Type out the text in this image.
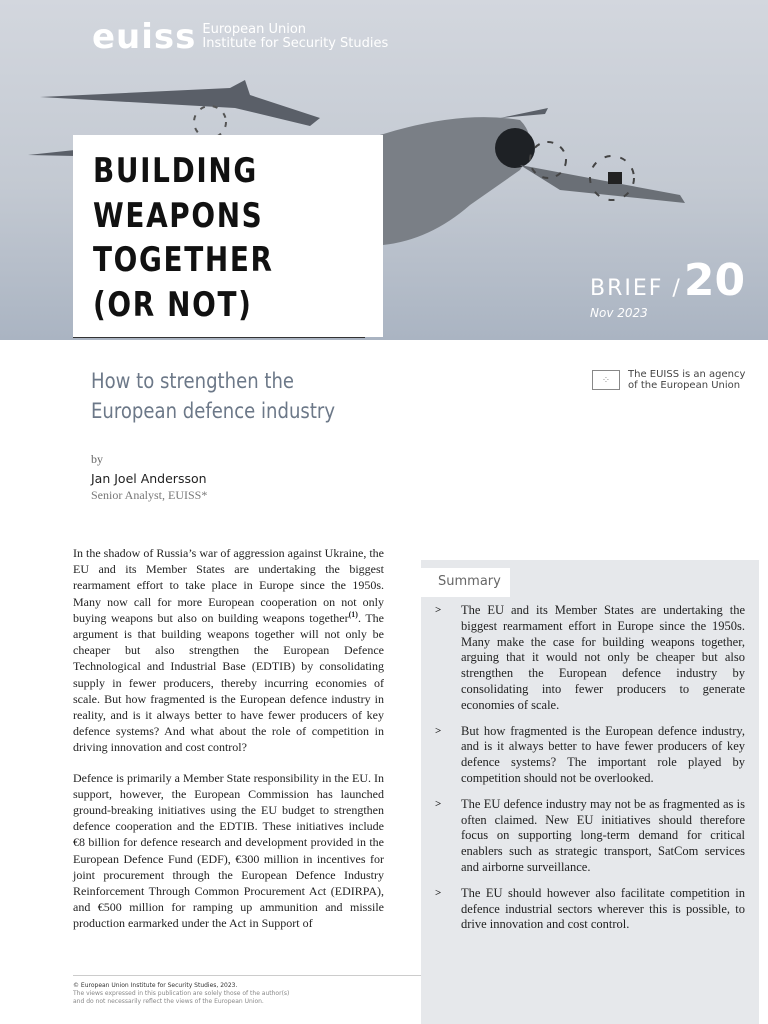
euiss European Union
Institute for Security Studies
BRIEF /20
Nov 2023
BUILDING
WEAPONS
TOGETHER
(OR NOT)
How to strengthen the
European defence industry
⁘	The EUISS is an agency
of the European Union
by
Jan Joel Andersson
Senior Analyst, EUISS*

In the shadow of Russia’s war of aggression against Ukraine, the EU and its Member States are undertaking the biggest rearmament effort to take place in Europe since the 1950s. Many now call for more European cooperation on not only buying weapons but also on building weapons together$^{(1)}$. The argument is that building weapons together will not only be cheaper but also strengthen the European Defence Technological and Industrial Base (EDTIB) by consolidating supply in fewer producers, thereby incurring economies of scale. But how fragmented is the European defence industry in reality, and is it always better to have fewer producers of key defence systems? And what about the role of competition in driving innovation and cost control?

Defence is primarily a Member State responsibility in the EU. In support, however, the European Commission has launched ground-breaking initiatives using the EU budget to strengthen defence cooperation and the EDTIB. These initiatives include €8 billion for defence research and development provided in the European Defence Fund (EDF), €300 million in incentives for joint procurement through the European Defence Industry Reinforcement Through Common Procurement Act (EDIRPA), and €500 million for ramping up ammunition and missile production earmarked under the Act in Support of

© European Union Institute for Security Studies, 2023.
The views expressed in this publication are solely those of the author(s)
and do not necessarily reflect the views of the European Union.
Summary
>	The EU and its Member States are undertaking the biggest rearmament effort in Europe since the 1950s. Many make the case for building weapons together, arguing that it would not only be cheaper but also strengthen the European defence industry by consolidating into fewer producers to generate economies of scale.
>	But how fragmented is the European defence industry, and is it always better to have fewer producers of key defence systems? The important role played by competition should not be overlooked.
>	The EU defence industry may not be as fragmented as is often claimed. New EU initiatives should therefore focus on supporting long-term demand for critical enablers such as strategic transport, SatCom services and airborne surveillance.
>	The EU should however also facilitate competition in defence industrial sectors wherever this is possible, to drive innovation and cost control.
